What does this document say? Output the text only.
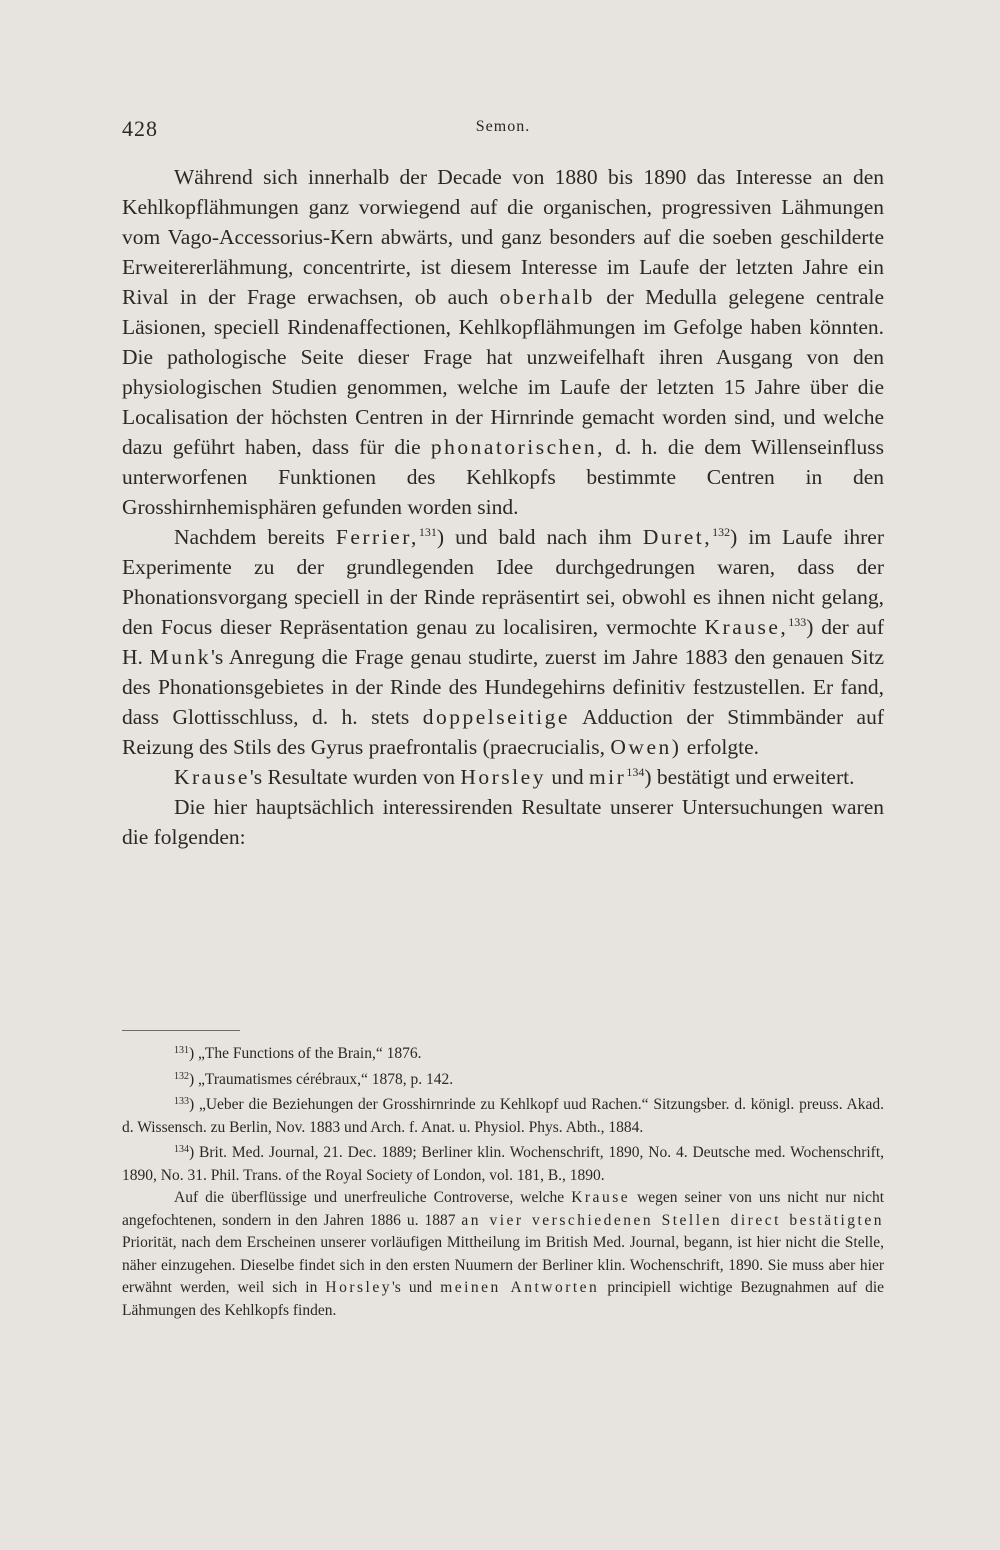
428	Semon.

Während sich innerhalb der Decade von 1880 bis 1890 das Interesse an den Kehlkopflähmungen ganz vorwiegend auf die organischen, progressiven Lähmungen vom Vago-Accessorius-Kern abwärts, und ganz besonders auf die soeben geschilderte Erweitererlähmung, concentrirte, ist diesem Interesse im Laufe der letzten Jahre ein Rival in der Frage erwachsen, ob auch oberhalb der Medulla gelegene centrale Läsionen, speciell Rindenaffectionen, Kehlkopflähmungen im Gefolge haben könnten. Die pathologische Seite dieser Frage hat unzweifelhaft ihren Ausgang von den physiologischen Studien genommen, welche im Laufe der letzten 15 Jahre über die Localisation der höchsten Centren in der Hirnrinde gemacht worden sind, und welche dazu geführt haben, dass für die phonatorischen, d. h. die dem Willenseinfluss unterworfenen Funktionen des Kehlkopfs bestimmte Centren in den Grosshirnhemisphären gefunden worden sind.

Nachdem bereits Ferrier,$^{131}$) und bald nach ihm Duret,$^{132}$) im Laufe ihrer Experimente zu der grundlegenden Idee durchgedrungen waren, dass der Phonationsvorgang speciell in der Rinde repräsentirt sei, obwohl es ihnen nicht gelang, den Focus dieser Repräsentation genau zu localisiren, vermochte Krause,$^{133}$) der auf H. Munk's Anregung die Frage genau studirte, zuerst im Jahre 1883 den genauen Sitz des Phonationsgebietes in der Rinde des Hundegehirns definitiv festzustellen. Er fand, dass Glottisschluss, d. h. stets doppelseitige Adduction der Stimmbänder auf Reizung des Stils des Gyrus praefrontalis (praecrucialis, Owen) erfolgte.

Krause's Resultate wurden von Horsley und mir$^{134}$) bestätigt und erweitert.

Die hier hauptsächlich interessirenden Resultate unserer Untersuchungen waren die folgenden:

$^{131}$) „The Functions of the Brain,“ 1876.

$^{132}$) „Traumatismes cérébraux,“ 1878, p. 142.

$^{133}$) „Ueber die Beziehungen der Grosshirnrinde zu Kehlkopf uud Rachen.“ Sitzungsber. d. königl. preuss. Akad. d. Wissensch. zu Berlin, Nov. 1883 und Arch. f. Anat. u. Physiol. Phys. Abth., 1884.

$^{134}$) Brit. Med. Journal, 21. Dec. 1889; Berliner klin. Wochenschrift, 1890, No. 4. Deutsche med. Wochenschrift, 1890, No. 31. Phil. Trans. of the Royal Society of London, vol. 181, B., 1890.

Auf die überflüssige und unerfreuliche Controverse, welche Krause wegen seiner von uns nicht nur nicht angefochtenen, sondern in den Jahren 1886 u. 1887 an vier verschiedenen Stellen direct bestätigten Priorität, nach dem Erscheinen unserer vorläufigen Mittheilung im British Med. Journal, begann, ist hier nicht die Stelle, näher einzugehen. Dieselbe findet sich in den ersten Nuumern der Berliner klin. Wochenschrift, 1890. Sie muss aber hier erwähnt werden, weil sich in Horsley's und meinen Antworten principiell wichtige Bezugnahmen auf die Lähmungen des Kehlkopfs finden.
